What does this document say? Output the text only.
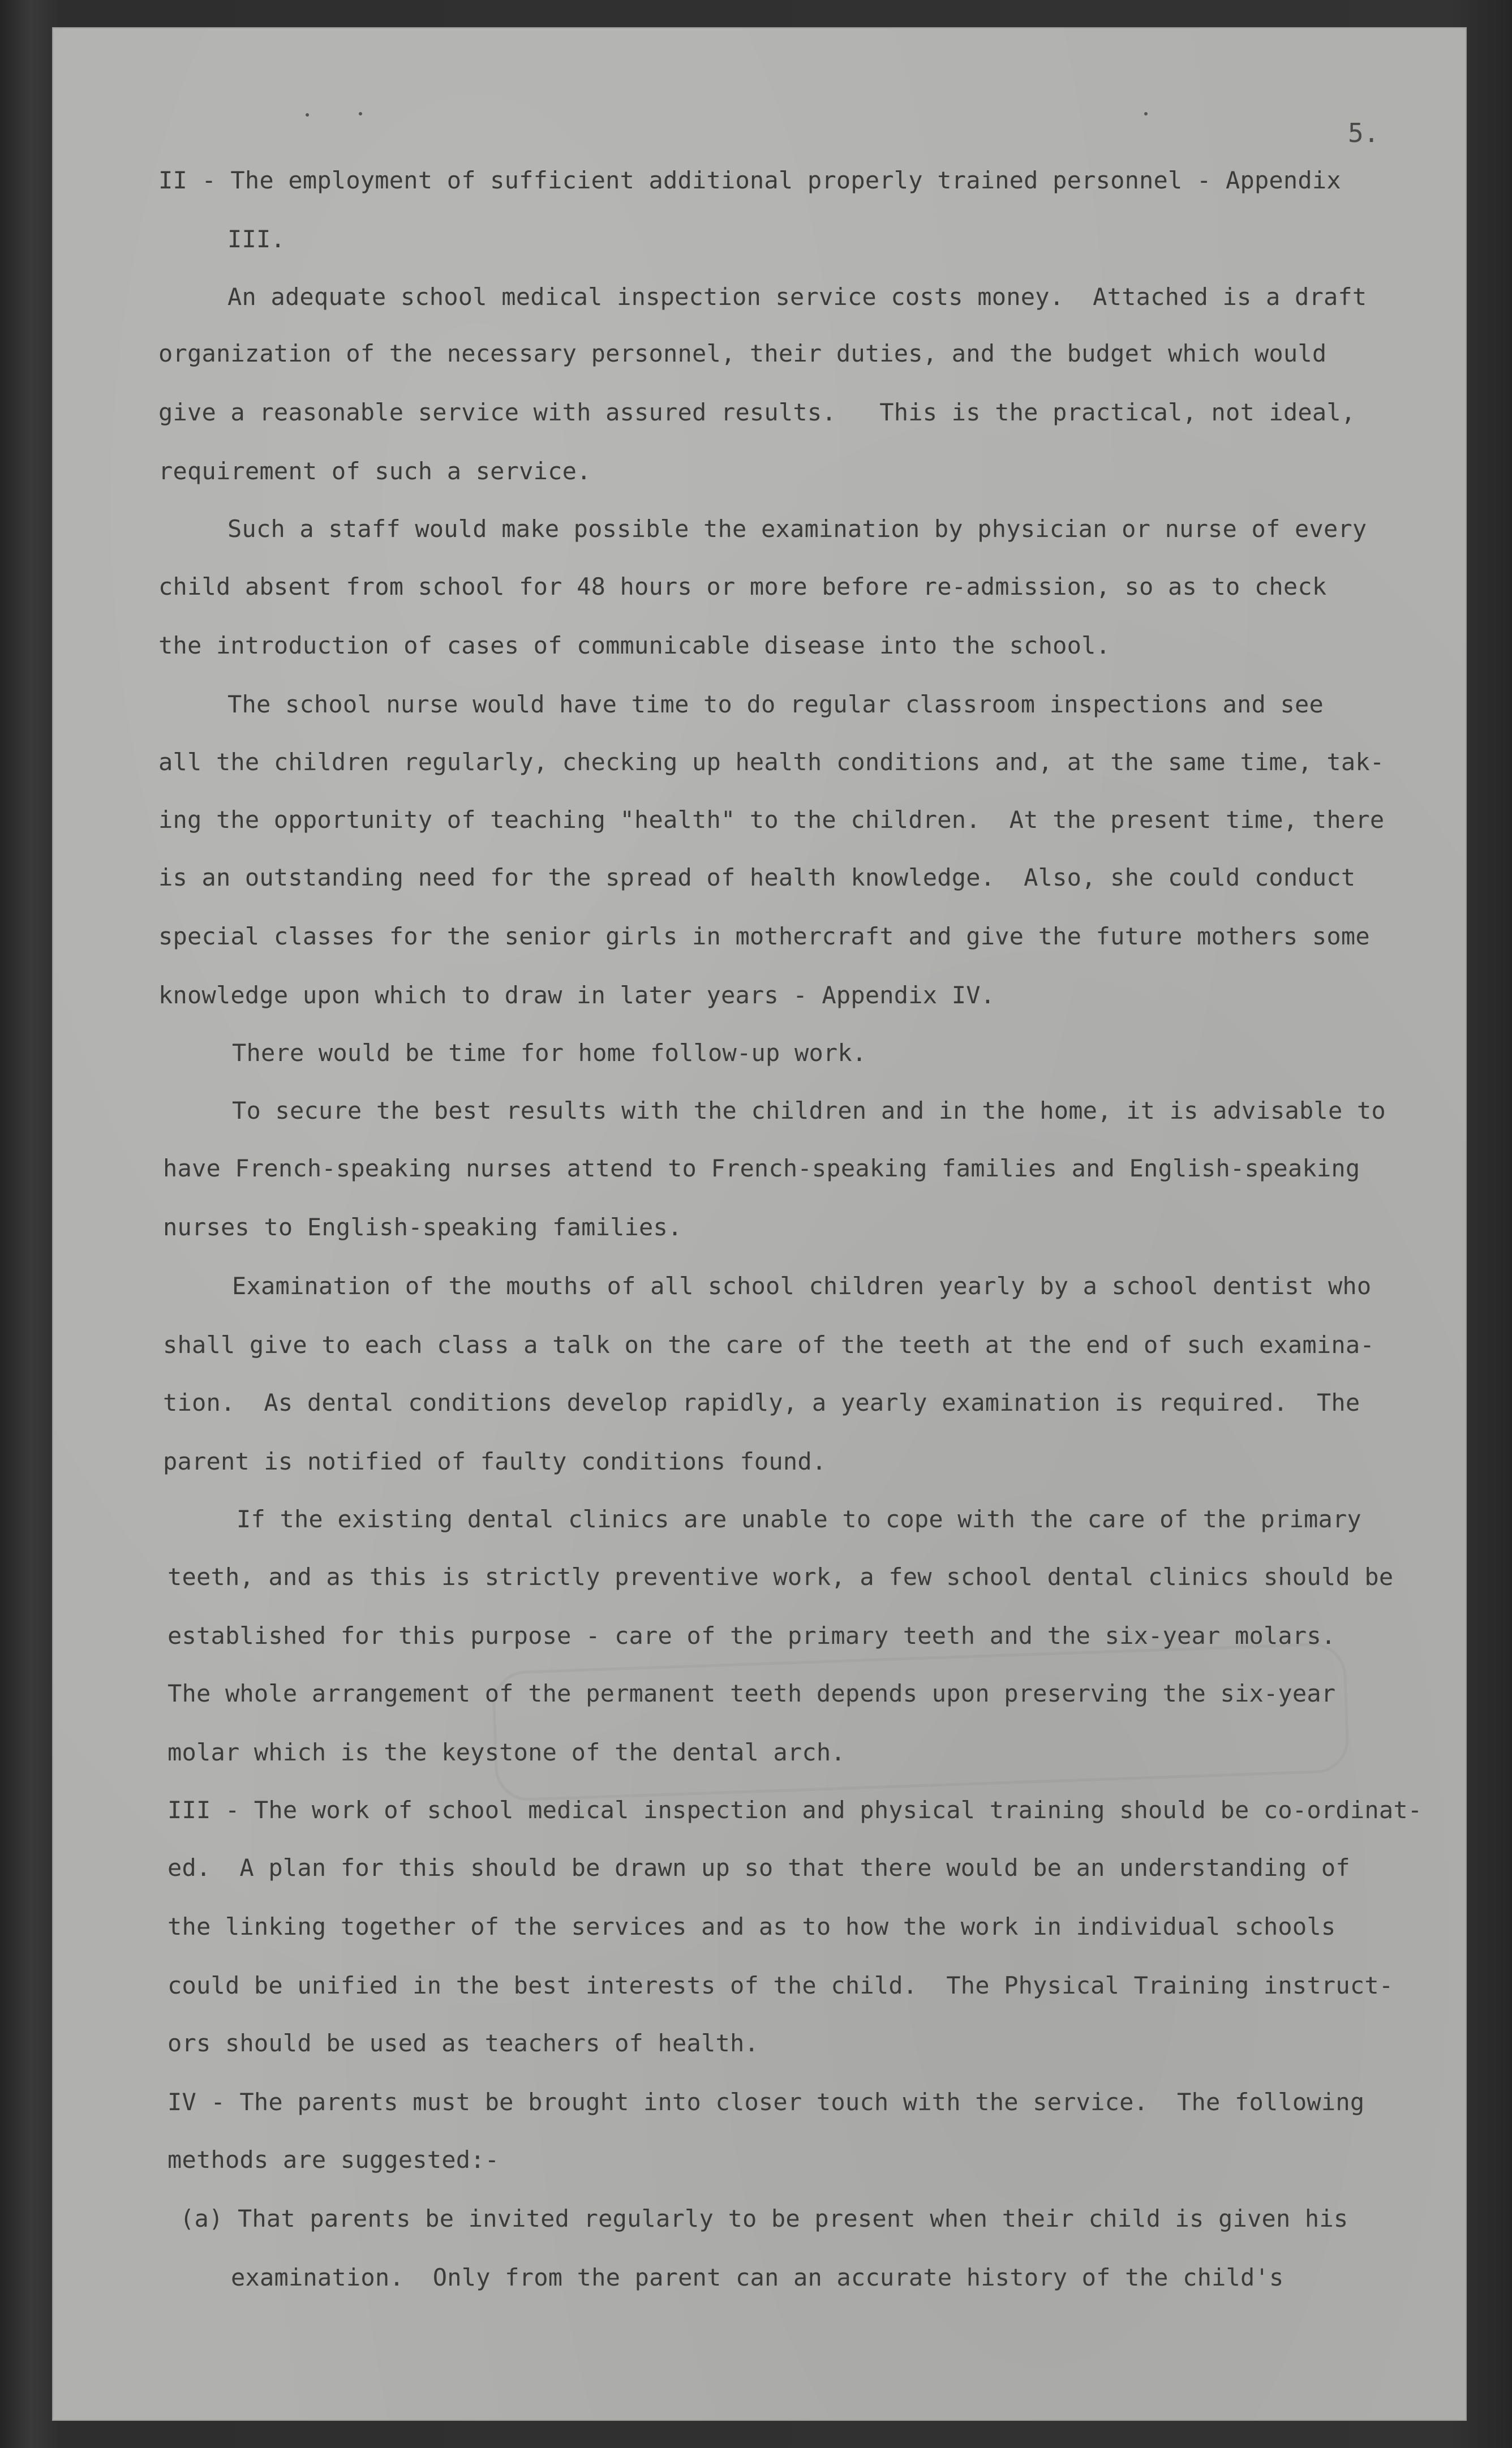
5.
II - The employment of sufficient additional properly trained personnel - Appendix
III.
An adequate school medical inspection service costs money.  Attached is a draft
organization of the necessary personnel, their duties, and the budget which would
give a reasonable service with assured results.   This is the practical, not ideal,
requirement of such a service.
Such a staff would make possible the examination by physician or nurse of every
child absent from school for 48 hours or more before re-admission, so as to check
the introduction of cases of communicable disease into the school.
The school nurse would have time to do regular classroom inspections and see
all the children regularly, checking up health conditions and, at the same time, tak-
ing the opportunity of teaching "health" to the children.  At the present time, there
is an outstanding need for the spread of health knowledge.  Also, she could conduct
special classes for the senior girls in mothercraft and give the future mothers some
knowledge upon which to draw in later years - Appendix IV.
There would be time for home follow-up work.
To secure the best results with the children and in the home, it is advisable to
have French-speaking nurses attend to French-speaking families and English-speaking
nurses to English-speaking families.
Examination of the mouths of all school children yearly by a school dentist who
shall give to each class a talk on the care of the teeth at the end of such examina-
tion.  As dental conditions develop rapidly, a yearly examination is required.  The
parent is notified of faulty conditions found.
If the existing dental clinics are unable to cope with the care of the primary
teeth, and as this is strictly preventive work, a few school dental clinics should be
established for this purpose - care of the primary teeth and the six-year molars.
The whole arrangement of the permanent teeth depends upon preserving the six-year
molar which is the keystone of the dental arch.
III - The work of school medical inspection and physical training should be co-ordinat-
ed.  A plan for this should be drawn up so that there would be an understanding of
the linking together of the services and as to how the work in individual schools
could be unified in the best interests of the child.  The Physical Training instruct-
ors should be used as teachers of health.
IV - The parents must be brought into closer touch with the service.  The following
methods are suggested:-
(a) That parents be invited regularly to be present when their child is given his
examination.  Only from the parent can an accurate history of the child's
